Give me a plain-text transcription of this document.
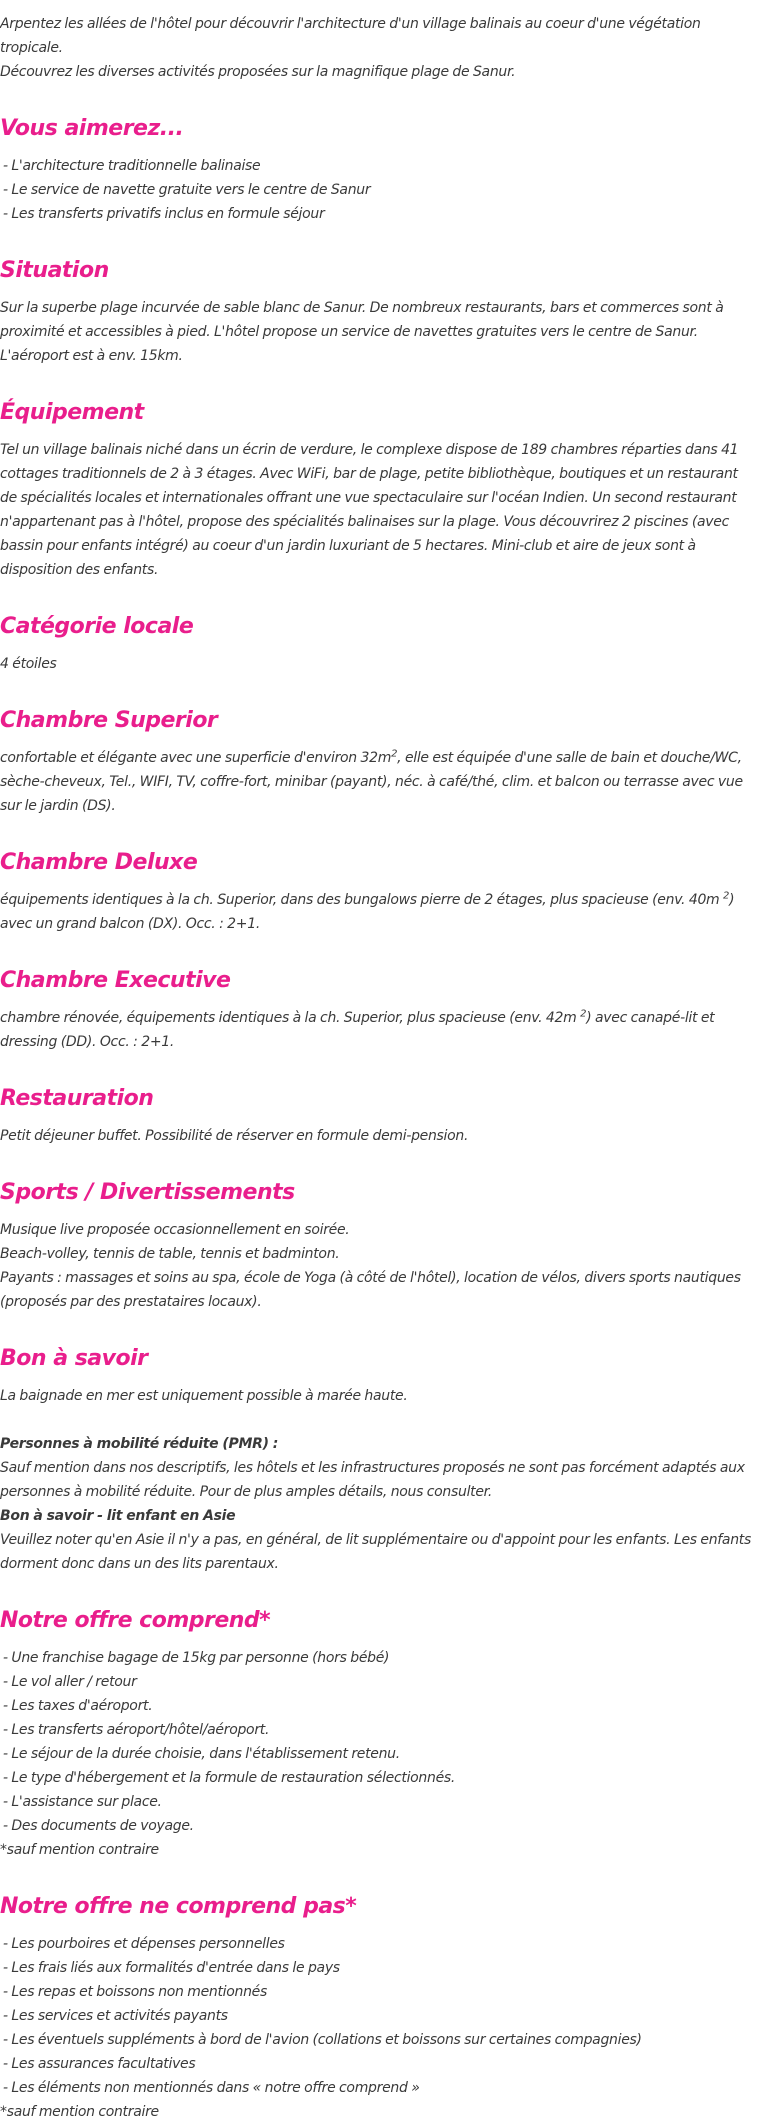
Arpentez les allées de l'hôtel pour découvrir l'architecture d'un village balinais au coeur d'une végétation tropicale.
Découvrez les diverses activités proposées sur la magnifique plage de Sanur.

Vous aimerez...
- L'architecture traditionnelle balinaise
- Le service de navette gratuite vers le centre de Sanur
- Les transferts privatifs inclus en formule séjour
Situation

Sur la superbe plage incurvée de sable blanc de Sanur. De nombreux restaurants, bars et commerces sont à proximité et accessibles à pied. L'hôtel propose un service de navettes gratuites vers le centre de Sanur. L'aéroport est à env. 15km.

Équipement

Tel un village balinais niché dans un écrin de verdure, le complexe dispose de 189 chambres réparties dans 41 cottages traditionnels de 2 à 3 étages. Avec WiFi, bar de plage, petite bibliothèque, boutiques et un restaurant de spécialités locales et internationales offrant une vue spectaculaire sur l'océan Indien. Un second restaurant n'appartenant pas à l'hôtel, propose des spécialités balinaises sur la plage. Vous découvrirez 2 piscines (avec bassin pour enfants intégré) au coeur d'un jardin luxuriant de 5 hectares. Mini-club et aire de jeux sont à disposition des enfants.

Catégorie locale

4 étoiles

Chambre Superior

confortable et élégante avec une superficie d'environ $32m^2$, elle est équipée d'une salle de bain et douche/WC, sèche-cheveux, Tel., WIFI, TV, coffre-fort, minibar (payant), néc. à café/thé, clim. et balcon ou terrasse avec vue sur le jardin (DS).

Chambre Deluxe

équipements identiques à la ch. Superior, dans des bungalows pierre de 2 étages, plus spacieuse (env. 40m $^2$) avec un grand balcon (DX). Occ. : 2+1.

Chambre Executive

chambre rénovée, équipements identiques à la ch. Superior, plus spacieuse (env. 42m $^2$) avec canapé-lit et dressing (DD). Occ. : 2+1.

Restauration

Petit déjeuner buffet. Possibilité de réserver en formule demi-pension.

Sports / Divertissements

Musique live proposée occasionnellement en soirée.
Beach-volley, tennis de table, tennis et badminton.
Payants : massages et soins au spa, école de Yoga (à côté de l'hôtel), location de vélos, divers sports nautiques (proposés par des prestataires locaux).

Bon à savoir

La baignade en mer est uniquement possible à marée haute.

Personnes à mobilité réduite (PMR) :
Sauf mention dans nos descriptifs, les hôtels et les infrastructures proposés ne sont pas forcément adaptés aux personnes à mobilité réduite. Pour de plus amples détails, nous consulter.
Bon à savoir - lit enfant en Asie
Veuillez noter qu'en Asie il n'y a pas, en général, de lit supplémentaire ou d'appoint pour les enfants. Les enfants dorment donc dans un des lits parentaux.

Notre offre comprend*
- Une franchise bagage de 15kg par personne (hors bébé)
- Le vol aller / retour
- Les taxes d'aéroport.
- Les transferts aéroport/hôtel/aéroport.
- Le séjour de la durée choisie, dans l'établissement retenu.
- Le type d'hébergement et la formule de restauration sélectionnés.
- L'assistance sur place.
- Des documents de voyage.

*sauf mention contraire

Notre offre ne comprend pas*
- Les pourboires et dépenses personnelles
- Les frais liés aux formalités d'entrée dans le pays
- Les repas et boissons non mentionnés
- Les services et activités payants
- Les éventuels suppléments à bord de l'avion (collations et boissons sur certaines compagnies)
- Les assurances facultatives
- Les éléments non mentionnés dans « notre offre comprend »

*sauf mention contraire
